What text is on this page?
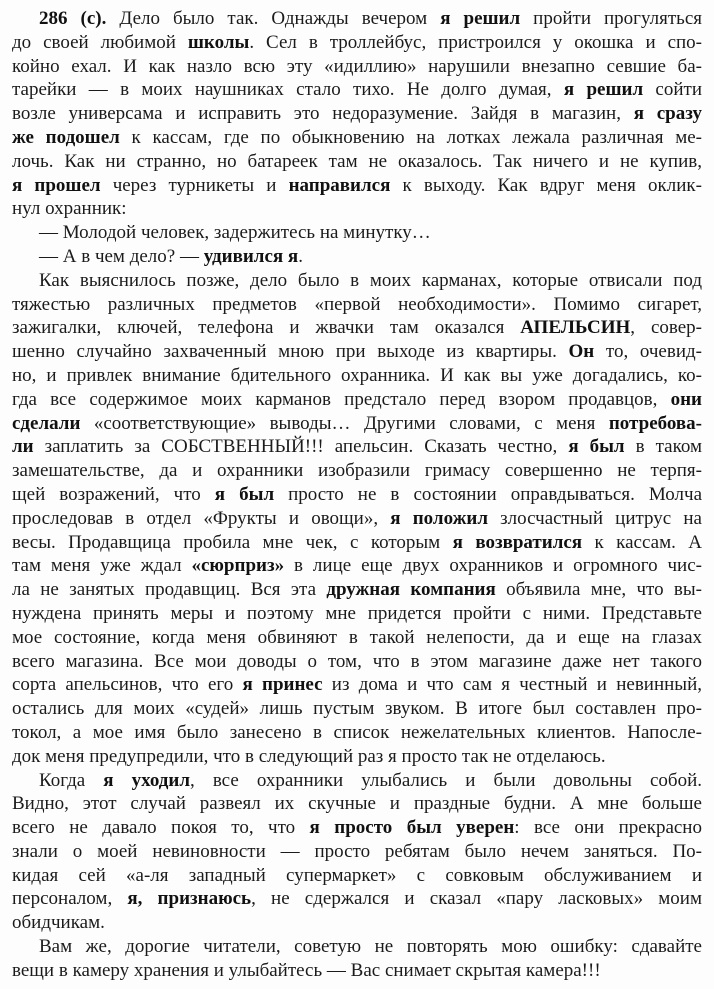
286 (с). Дело было так. Однажды вечером я решил пройти прогуляться
до своей любимой школы. Сел в троллейбус, пристроился у окошка и спо-
койно ехал. И как назло всю эту «идиллию» нарушили внезапно севшие ба-
тарейки — в моих наушниках стало тихо. Не долго думая, я решил сойти
возле универсама и исправить это недоразумение. Зайдя в магазин, я сразу
же подошел к кассам, где по обыкновению на лотках лежала различная ме-
лочь. Как ни странно, но батареек там не оказалось. Так ничего и не купив,
я прошел через турникеты и направился к выходу. Как вдруг меня оклик-
нул охранник:
— Молодой человек, задержитесь на минутку…
— А в чем дело? — удивился я.
Как выяснилось позже, дело было в моих карманах, которые отвисали под
тяжестью различных предметов «первой необходимости». Помимо сигарет,
зажигалки, ключей, телефона и жвачки там оказался АПЕЛЬСИН, совер-
шенно случайно захваченный мною при выходе из квартиры. Он то, очевид-
но, и привлек внимание бдительного охранника. И как вы уже догадались, ко-
гда все содержимое моих карманов предстало перед взором продавцов, они
сделали «соответствующие» выводы… Другими словами, с меня потребова-
ли заплатить за СОБСТВЕННЫЙ!!! апельсин. Сказать честно, я был в таком
замешательстве, да и охранники изобразили гримасу совершенно не терпя-
щей возражений, что я был просто не в состоянии оправдываться. Молча
проследовав в отдел «Фрукты и овощи», я положил злосчастный цитрус на
весы. Продавщица пробила мне чек, с которым я возвратился к кассам. А
там меня уже ждал «сюрприз» в лице еще двух охранников и огромного чис-
ла не занятых продавщиц. Вся эта дружная компания объявила мне, что вы-
нуждена принять меры и поэтому мне придется пройти с ними. Представьте
мое состояние, когда меня обвиняют в такой нелепости, да и еще на глазах
всего магазина. Все мои доводы о том, что в этом магазине даже нет такого
сорта апельсинов, что его я принес из дома и что сам я честный и невинный,
остались для моих «судей» лишь пустым звуком. В итоге был составлен про-
токол, а мое имя было занесено в список нежелательных клиентов. Напосле-
док меня предупредили, что в следующий раз я просто так не отделаюсь.
Когда я уходил, все охранники улыбались и были довольны собой.
Видно, этот случай развеял их скучные и праздные будни. А мне больше
всего не давало покоя то, что я просто был уверен: все они прекрасно
знали о моей невиновности — просто ребятам было нечем заняться. По-
кидая сей «а-ля западный супермаркет» с совковым обслуживанием и
персоналом, я, признаюсь, не сдержался и сказал «пару ласковых» моим
обидчикам.
Вам же, дорогие читатели, советую не повторять мою ошибку: сдавайте
вещи в камеру хранения и улыбайтесь — Вас снимает скрытая камера!!!
